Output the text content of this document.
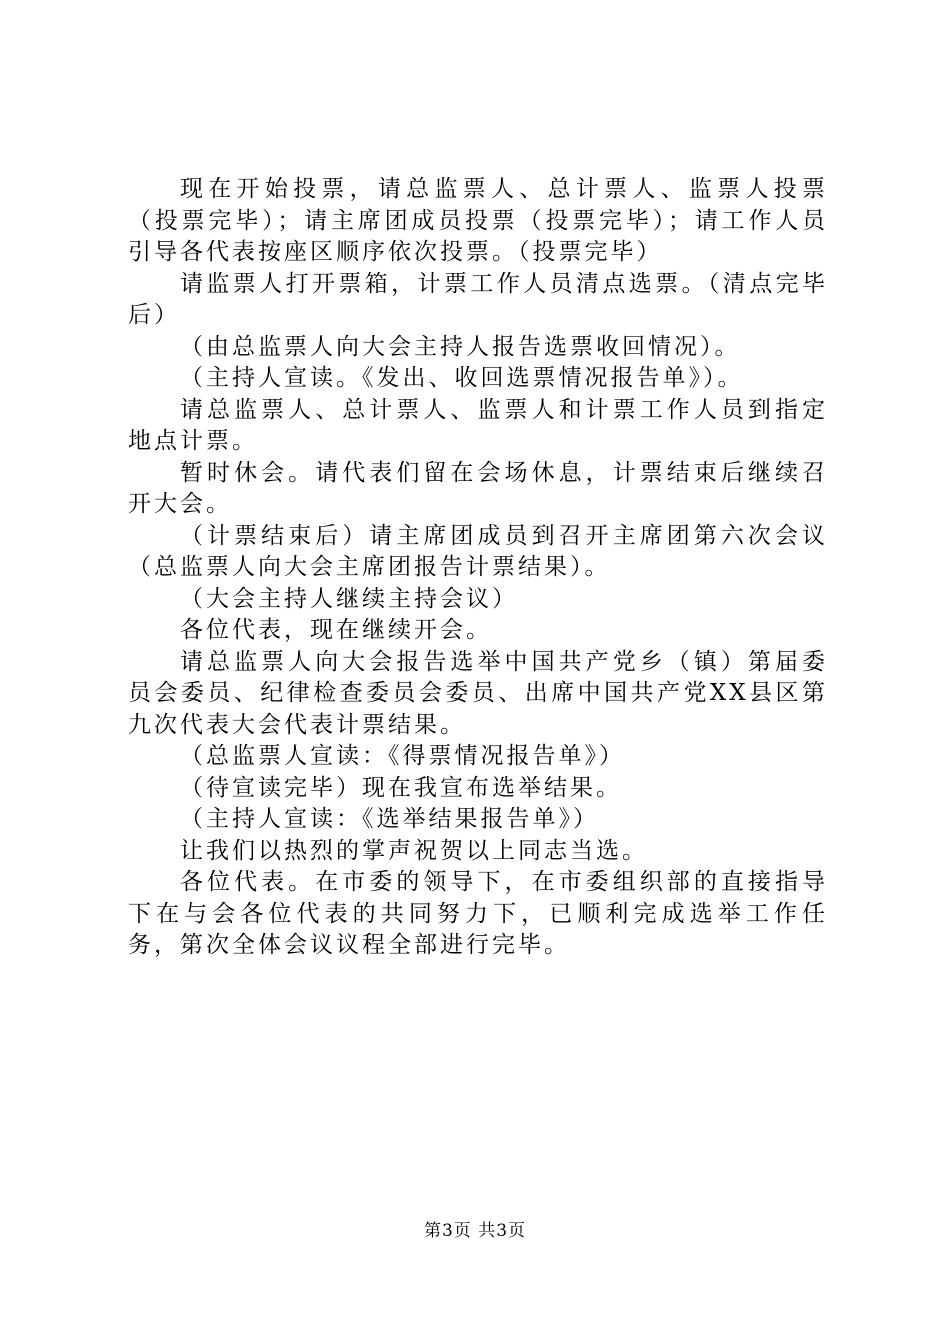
现在开始投票，请总监票人、总计票人、监票人投票（投票完毕）；请主席团成员投票（投票完毕）；请工作人员引导各代表按座区顺序依次投票。（投票完毕）

请监票人打开票箱，计票工作人员清点选票。（清点完毕后）

（由总监票人向大会主持人报告选票收回情况）。

（主持人宣读。《发出、收回选票情况报告单》）。

请总监票人、总计票人、监票人和计票工作人员到指定地点计票。

暂时休会。请代表们留在会场休息，计票结束后继续召开大会。

（计票结束后）请主席团成员到召开主席团第六次会议（总监票人向大会主席团报告计票结果）。

（大会主持人继续主持会议）

各位代表，现在继续开会。

请总监票人向大会报告选举中国共产党乡（镇）第届委员会委员、纪律检查委员会委员、出席中国共产党XX县区第九次代表大会代表计票结果。

（总监票人宣读：《得票情况报告单》）

（待宣读完毕）现在我宣布选举结果。

（主持人宣读：《选举结果报告单》）

让我们以热烈的掌声祝贺以上同志当选。

各位代表。在市委的领导下，在市委组织部的直接指导下在与会各位代表的共同努力下，已顺利完成选举工作任务，第次全体会议议程全部进行完毕。

第3页 共3页
